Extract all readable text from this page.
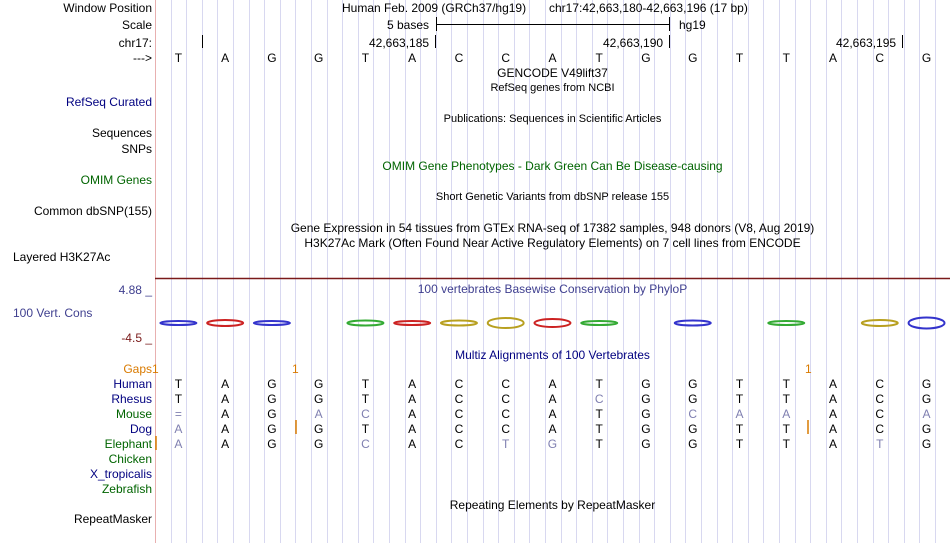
Window Position	Human Feb. 2009 (GRCh37/hg19) chr17:42,663,180-42,663,196 (17 bp)
Scale	5 bases	hg19
chr17:	42,663,185	42,663,190	42,663,195
--->	T	A	G	G	T	A	C	C	A	T	G	G	T	T	A	C	G
GENCODE V49lift37
RefSeq genes from NCBI
RefSeq Curated
Publications: Sequences in Scientific Articles
Sequences
SNPs
OMIM Gene Phenotypes - Dark Green Can Be Disease-causing
OMIM Genes
Short Genetic Variants from dbSNP release 155
Common dbSNP(155)
Gene Expression in 54 tissues from GTEx RNA-seq of 17382 samples, 948 donors (V8, Aug 2019)
H3K27Ac Mark (Often Found Near Active Regulatory Elements) on 7 cell lines from ENCODE
Layered H3K27Ac
4.88 _	100 vertebrates Basewise Conservation by PhyloP
100 Vert. Cons
-4.5 _
Multiz Alignments of 100 Vertebrates
Gaps 1	1	1
Human	T	A	G	G	T	A	C	C	A	T	G	G	T	T	A	C	G
Rhesus	T	A	G	G	T	A	C	C	A	C	G	G	T	T	A	C	G
Mouse	=	A	G	A	C	A	C	C	A	T	G	C	A	A	A	C	A
Dog	A	A	G	G	T	A	C	C	A	T	G	G	T	T	A	C	G
Elephant	A	A	G	G	C	A	C	T	G	T	G	G	T	T	A	T	G
Chicken
X_tropicalis
Zebrafish
Repeating Elements by RepeatMasker
RepeatMasker
